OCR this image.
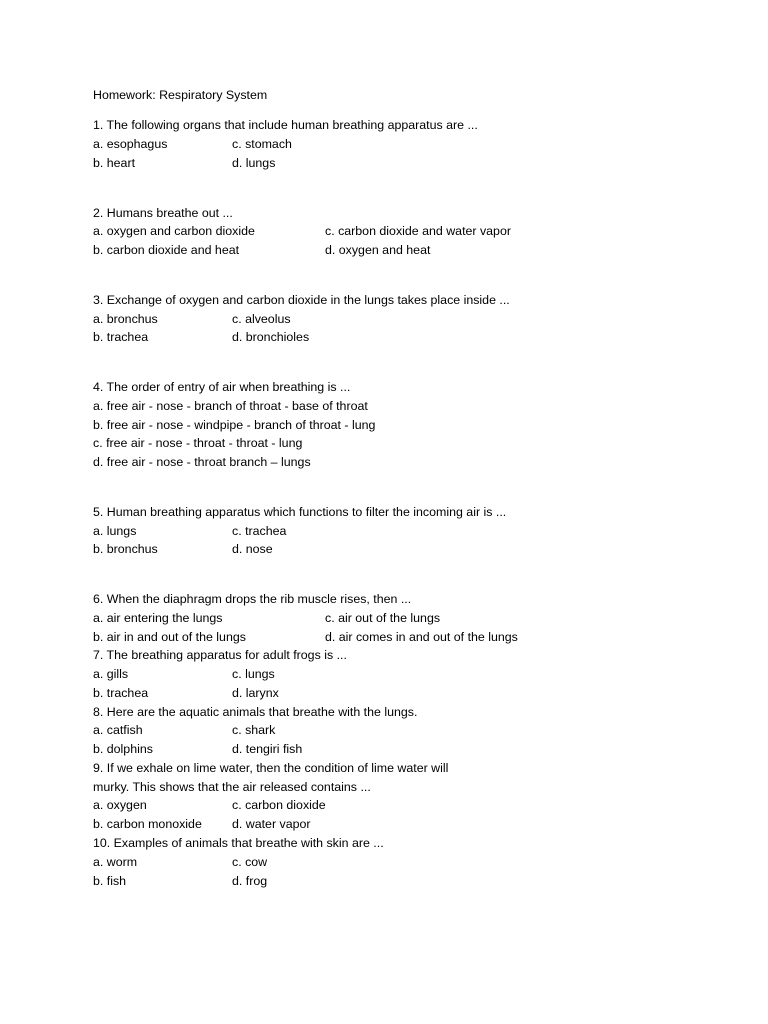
Homework: Respiratory System
1. The following organs that include human breathing apparatus are ...
a. esophagus	c. stomach
b. heart	d. lungs
2. Humans breathe out ...
a. oxygen and carbon dioxide	c. carbon dioxide and water vapor
b. carbon dioxide and heat	d. oxygen and heat
3. Exchange of oxygen and carbon dioxide in the lungs takes place inside ...
a. bronchus	c. alveolus
b. trachea	d. bronchioles
4. The order of entry of air when breathing is ...
a. free air - nose - branch of throat - base of throat
b. free air - nose - windpipe - branch of throat - lung
c. free air - nose - throat - throat - lung
d. free air - nose - throat branch – lungs
5. Human breathing apparatus which functions to filter the incoming air is ...
a. lungs	c. trachea
b. bronchus	d. nose
6. When the diaphragm drops the rib muscle rises, then ...
a. air entering the lungs	c. air out of the lungs
b. air in and out of the lungs	d. air comes in and out of the lungs
7. The breathing apparatus for adult frogs is ...
a. gills	c. lungs
b. trachea	d. larynx
8. Here are the aquatic animals that breathe with the lungs.
a. catfish	c. shark
b. dolphins	d. tengiri fish
9. If we exhale on lime water, then the condition of lime water will
murky. This shows that the air released contains ...
a. oxygen	c. carbon dioxide
b. carbon monoxide d. water vapor
10. Examples of animals that breathe with skin are ...
a. worm	c. cow
b. fish	d. frog
